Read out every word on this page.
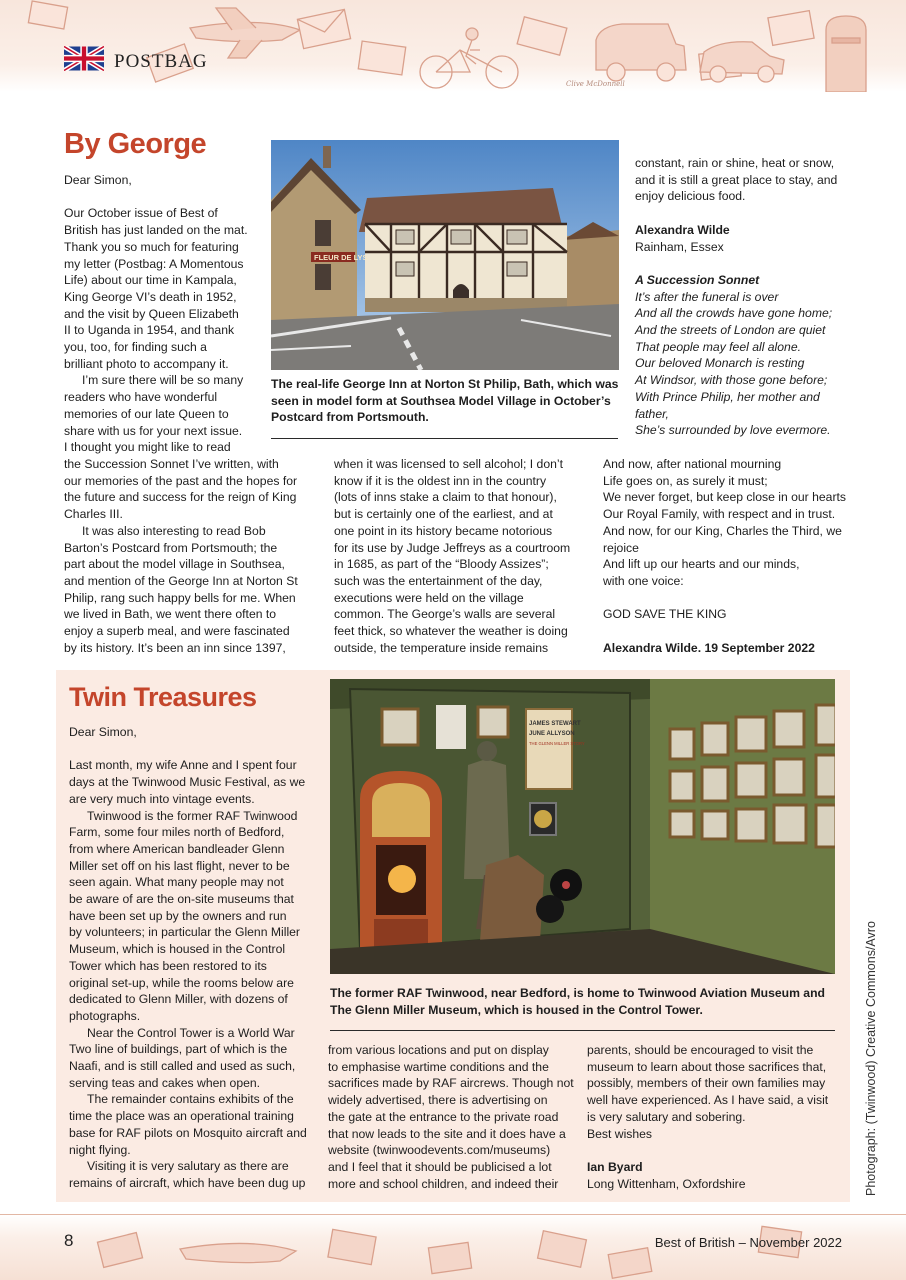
POSTBAG
Clive McDonnell
By George

Dear Simon,

Our October issue of Best of

British has just landed on the mat.

Thank you so much for featuring

my letter (Postbag: A Momentous

Life) about our time in Kampala,

King George VI’s death in 1952,

and the visit by Queen Elizabeth

II to Uganda in 1954, and thank

you, too, for finding such a

brilliant photo to accompany it.

I’m sure there will be so many

readers who have wonderful

memories of our late Queen to

share with us for your next issue.

I thought you might like to read

the Succession Sonnet I’ve written, with

our memories of the past and the hopes for

the future and success for the reign of King

Charles III.

It was also interesting to read Bob

Barton’s Postcard from Portsmouth; the

part about the model village in Southsea,

and mention of the George Inn at Norton St

Philip, rang such happy bells for me. When

we lived in Bath, we went there often to

enjoy a superb meal, and were fascinated

by its history. It’s been an inn since 1397,

when it was licensed to sell alcohol; I don’t

know if it is the oldest inn in the country

(lots of inns stake a claim to that honour),

but is certainly one of the earliest, and at

one point in its history became notorious

for its use by Judge Jeffreys as a courtroom

in 1685, as part of the “Bloody Assizes”;

such was the entertainment of the day,

executions were held on the village

common. The George’s walls are several

feet thick, so whatever the weather is doing

outside, the temperature inside remains

constant, rain or shine, heat or snow,

and it is still a great place to stay, and

enjoy delicious food.

Alexandra Wilde

Rainham, Essex

A Succession Sonnet

It’s after the funeral is over

And all the crowds have gone home;

And the streets of London are quiet

That people may feel all alone.

Our beloved Monarch is resting

At Windsor, with those gone before;

With Prince Philip, her mother and

father,

She’s surrounded by love evermore.

And now, after national mourning

Life goes on, as surely it must;

We never forget, but keep close in our hearts

Our Royal Family, with respect and in trust.

And now, for our King, Charles the Third, we

rejoice

And lift up our hearts and our minds,

with one voice:

GOD SAVE THE KING

Alexandra Wilde. 19 September 2022

FLEUR DE LYS
The real-life George Inn at Norton St Philip, Bath, which was seen in model form at Southsea Model Village in October’s Postcard from Portsmouth.
Twin Treasures

Dear Simon,

Last month, my wife Anne and I spent four

days at the Twinwood Music Festival, as we

are very much into vintage events.

Twinwood is the former RAF Twinwood

Farm, some four miles north of Bedford,

from where American bandleader Glenn

Miller set off on his last flight, never to be

seen again. What many people may not

be aware of are the on-site museums that

have been set up by the owners and run

by volunteers; in particular the Glenn Miller

Museum, which is housed in the Control

Tower which has been restored to its

original set-up, while the rooms below are

dedicated to Glenn Miller, with dozens of

photographs.

Near the Control Tower is a World War

Two line of buildings, part of which is the

Naafi, and is still called and used as such,

serving teas and cakes when open.

The remainder contains exhibits of the

time the place was an operational training

base for RAF pilots on Mosquito aircraft and

night flying.

Visiting it is very salutary as there are

remains of aircraft, which have been dug up

from various locations and put on display

to emphasise wartime conditions and the

sacrifices made by RAF aircrews. Though not

widely advertised, there is advertising on

the gate at the entrance to the private road

that now leads to the site and it does have a

website (twinwoodevents.com/museums)

and I feel that it should be publicised a lot

more and school children, and indeed their

parents, should be encouraged to visit the

museum to learn about those sacrifices that,

possibly, members of their own families may

well have experienced. As I have said, a visit

is very salutary and sobering.

Best wishes

Ian Byard

Long Wittenham, Oxfordshire

JAMES STEWART
JUNE ALLYSON
THE GLENN MILLER STORY
The former RAF Twinwood, near Bedford, is home to Twinwood Aviation Museum and The Glenn Miller Museum, which is housed in the Control Tower.	Photograph: (Twinwood) Creative Commons/Avro
8	Best of British – November 2022
